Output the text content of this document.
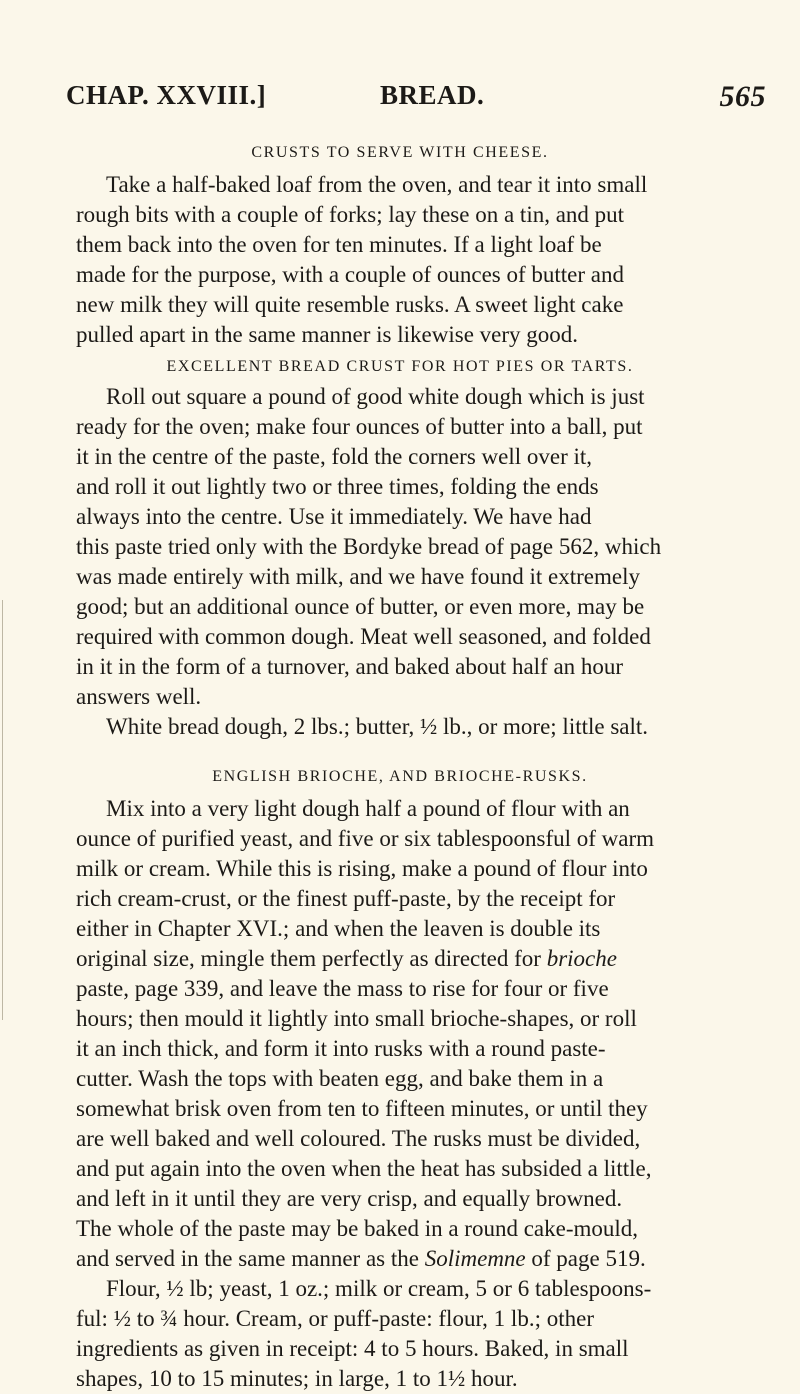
CHAP. XXVIII.]	BREAD.	565
CRUSTS TO SERVE WITH CHEESE.
Take a half-baked loaf from the oven, and tear it into small
rough bits with a couple of forks; lay these on a tin, and put
them back into the oven for ten minutes. If a light loaf be
made for the purpose, with a couple of ounces of butter and
new milk they will quite resemble rusks. A sweet light cake
pulled apart in the same manner is likewise very good.
EXCELLENT BREAD CRUST FOR HOT PIES OR TARTS.
Roll out square a pound of good white dough which is just
ready for the oven; make four ounces of butter into a ball, put
it in the centre of the paste, fold the corners well over it,
and roll it out lightly two or three times, folding the ends
always into the centre. Use it immediately. We have had
this paste tried only with the Bordyke bread of page 562, which
was made entirely with milk, and we have found it extremely
good; but an additional ounce of butter, or even more, may be
required with common dough. Meat well seasoned, and folded
in it in the form of a turnover, and baked about half an hour
answers well.
White bread dough, 2 lbs.; butter, ½ lb., or more; little salt.
ENGLISH BRIOCHE, AND BRIOCHE-RUSKS.
Mix into a very light dough half a pound of flour with an
ounce of purified yeast, and five or six tablespoonsful of warm
milk or cream. While this is rising, make a pound of flour into
rich cream-crust, or the finest puff-paste, by the receipt for
either in Chapter XVI.; and when the leaven is double its
original size, mingle them perfectly as directed for brioche
paste, page 339, and leave the mass to rise for four or five
hours; then mould it lightly into small brioche-shapes, or roll
it an inch thick, and form it into rusks with a round paste-
cutter. Wash the tops with beaten egg, and bake them in a
somewhat brisk oven from ten to fifteen minutes, or until they
are well baked and well coloured. The rusks must be divided,
and put again into the oven when the heat has subsided a little,
and left in it until they are very crisp, and equally browned.
The whole of the paste may be baked in a round cake-mould,
and served in the same manner as the Solimemne of page 519.
Flour, ½ lb; yeast, 1 oz.; milk or cream, 5 or 6 tablespoons-
ful: ½ to ¾ hour. Cream, or puff-paste: flour, 1 lb.; other
ingredients as given in receipt: 4 to 5 hours. Baked, in small
shapes, 10 to 15 minutes; in large, 1 to 1½ hour.
